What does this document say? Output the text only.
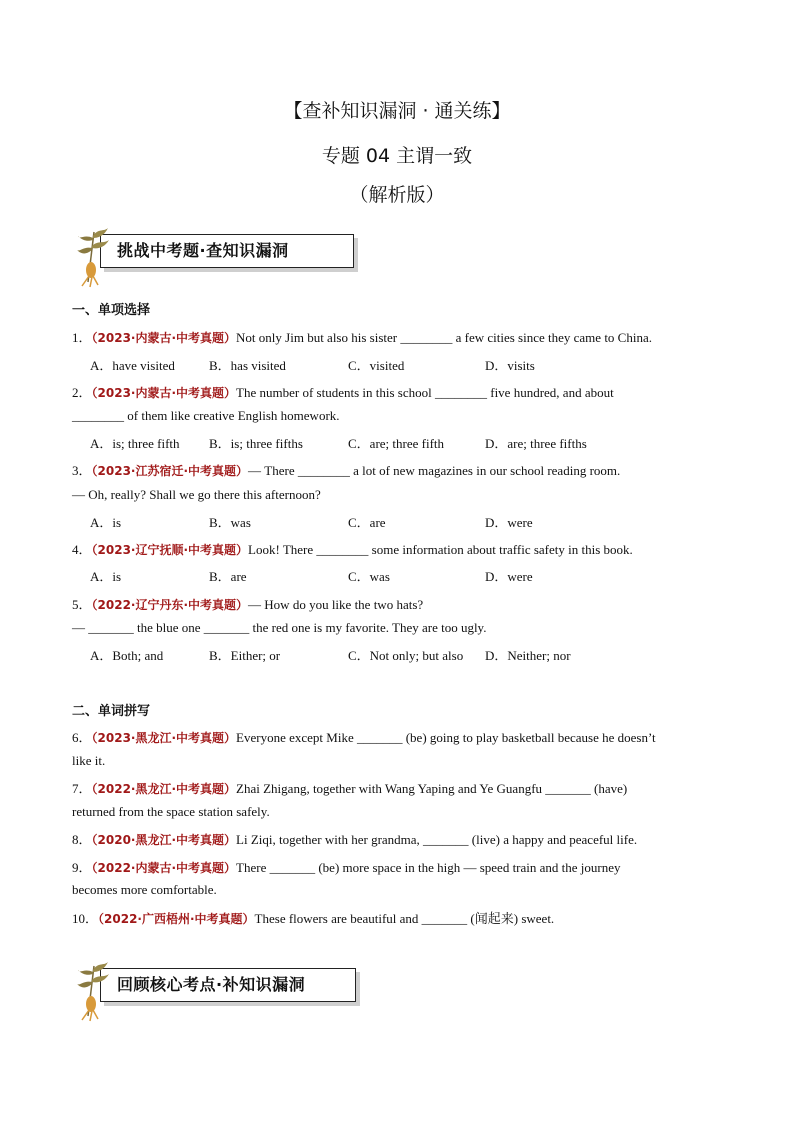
【查补知识漏洞 · 通关练】
专题 04 主谓一致
（解析版）
挑战中考题·查知识漏洞
一、单项选择
1．（2023·内蒙古·中考真题）Not only Jim but also his sister ________ a few cities since they came to China.
A．have visited	B．has visited	C．visited	D．visits
2．（2023·内蒙古·中考真题）The number of students in this school ________ five hundred, and about
________ of them like creative English homework.
A．is; three fifth B．is; three fifths	C．are; three fifth	D．are; three fifths
3．（2023·江苏宿迁·中考真题）— There ________ a lot of new magazines in our school reading room.
— Oh, really? Shall we go there this afternoon?
A．is	B．was	C．are	D．were
4．（2023·辽宁抚顺·中考真题）Look! There ________ some information about traffic safety in this book.
A．is	B．are	C．was	D．were
5．（2022·辽宁丹东·中考真题）— How do you like the two hats?
— _______ the blue one _______ the red one is my favorite. They are too ugly.
A．Both; and	B．Either; or	C．Not only; but also D．Neither; nor
二、单词拼写
6．（2023·黑龙江·中考真题）Everyone except Mike _______ (be) going to play basketball because he doesn’t
like it.
7．（2022·黑龙江·中考真题）Zhai Zhigang, together with Wang Yaping and Ye Guangfu _______ (have)
returned from the space station safely.
8．（2020·黑龙江·中考真题）Li Ziqi, together with her grandma, _______ (live) a happy and peaceful life.
9．（2022·内蒙古·中考真题）There _______ (be) more space in the high — speed train and the journey
becomes more comfortable.
10．（2022·广西梧州·中考真题）These flowers are beautiful and _______ (闻起来) sweet.
回顾核心考点·补知识漏洞
